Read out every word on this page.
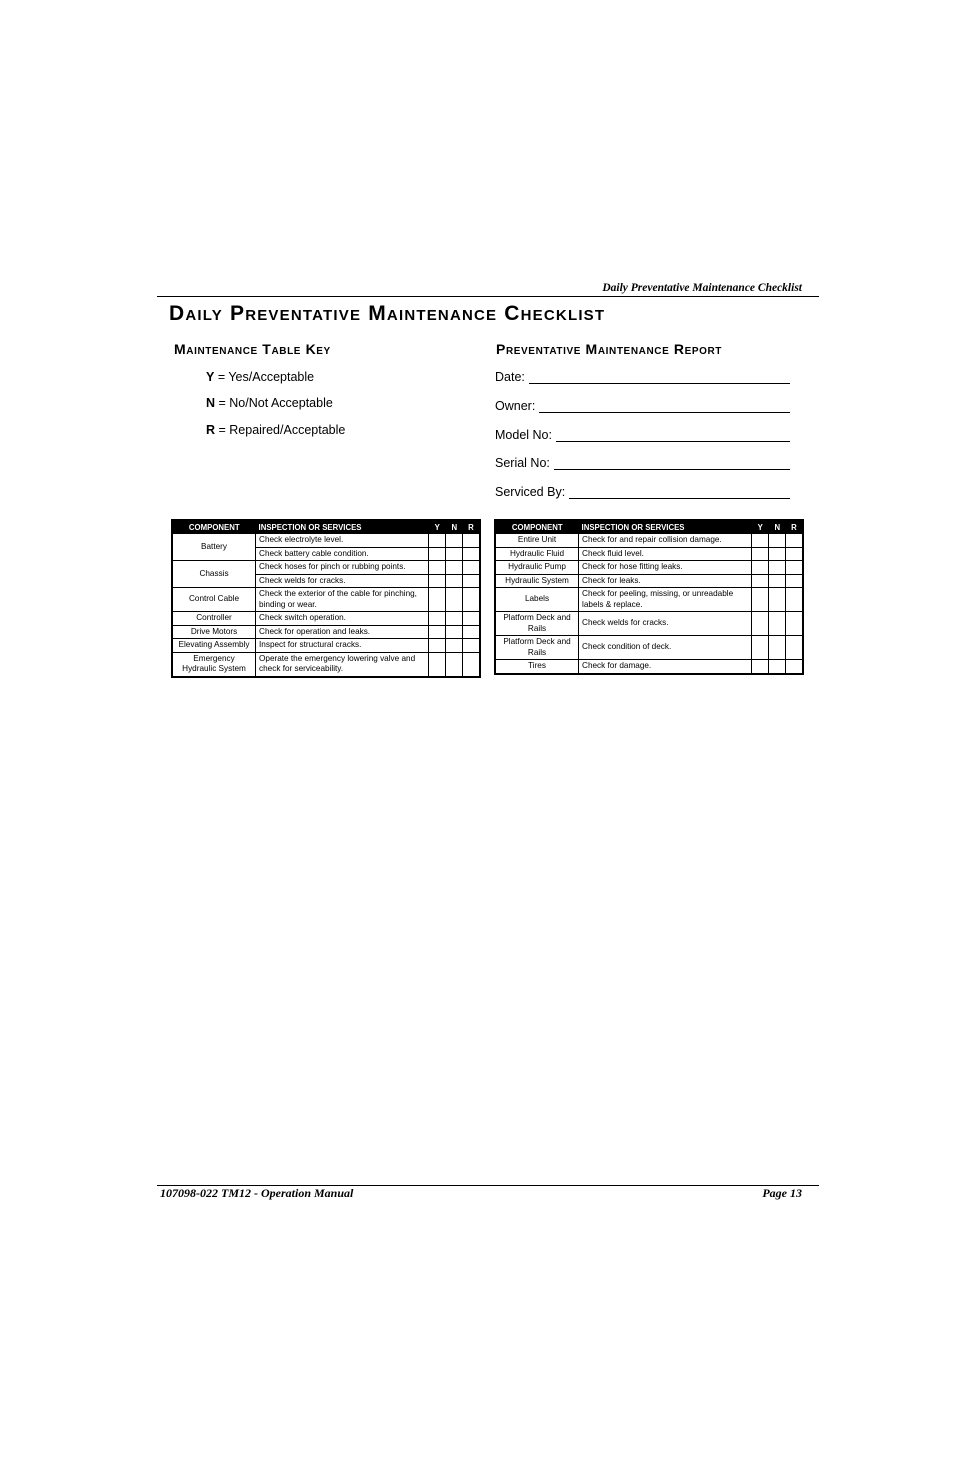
Daily Preventative Maintenance Checklist
Daily Preventative Maintenance Checklist
Maintenance Table Key	Preventative Maintenance Report
Y = Yes/Acceptable
N = No/Not Acceptable
R = Repaired/Acceptable
Date:
Owner:
Model No:
Serial No:
Serviced By:
COMPONENT	INSPECTION OR SERVICES	Y	N	R
Battery	Check electrolyte level.			
	Check battery cable condition.			
Chassis	Check hoses for pinch or rubbing points.			
	Check welds for cracks.			
Control Cable	Check the exterior of the cable for pinching, binding or wear.			
Controller	Check switch operation.			
Drive Motors	Check for operation and leaks.			
Elevating Assembly	Inspect for structural cracks.			
Emergency Hydraulic System	Operate the emergency lowering valve and check for serviceability.			
COMPONENT	INSPECTION OR SERVICES	Y	N	R
Entire Unit	Check for and repair collision damage.			
Hydraulic Fluid	Check fluid level.			
Hydraulic Pump	Check for hose fitting leaks.			
Hydraulic System	Check for leaks.			
Labels	Check for peeling, missing, or unreadable labels & replace.			
Platform Deck and Rails	Check welds for cracks.			
Platform Deck and Rails	Check condition of deck.			
Tires	Check for damage.			
107098-022 TM12 - Operation Manual	Page 13
